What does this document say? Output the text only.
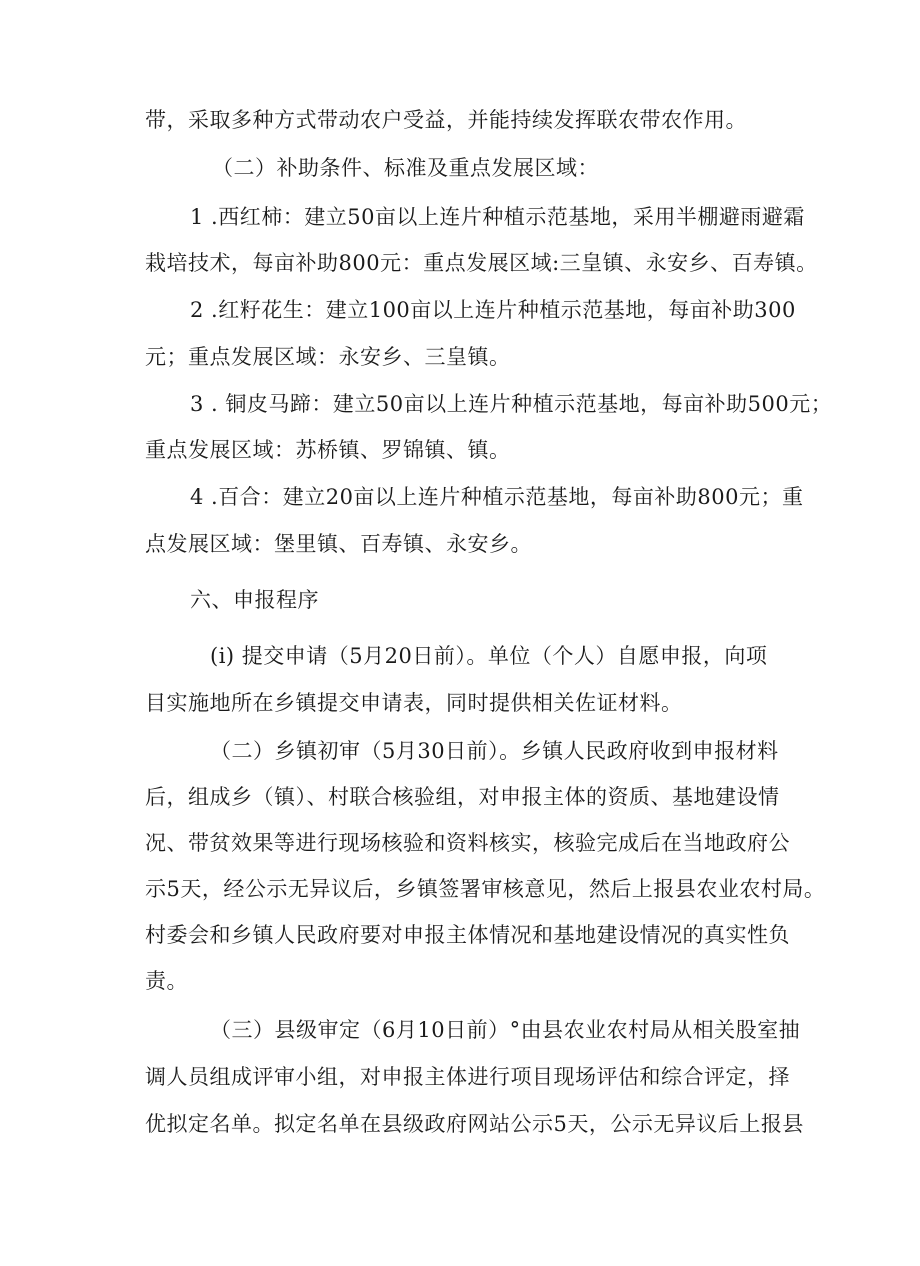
带，采取多种方式带动农户受益，并能持续发挥联农带农作用。
（二）补助条件、标准及重点发展区域：
1 .西红柿：建立50亩以上连片种植示范基地，采用半棚避雨避霜
栽培技术，每亩补助800元：重点发展区域:三皇镇、永安乡、百寿镇。
2 .红籽花生：建立100亩以上连片种植示范基地，每亩补助300
元；重点发展区域：永安乡、三皇镇。
3 . 铜皮马蹄：建立50亩以上连片种植示范基地，每亩补助500元；
重点发展区域：苏桥镇、罗锦镇、镇。
4 .百合：建立20亩以上连片种植示范基地，每亩补助800元；重
点发展区域：堡里镇、百寿镇、永安乡。
六、申报程序
(i) 提交申请（5月20日前）。单位（个人）自愿申报，向项
目实施地所在乡镇提交申请表，同时提供相关佐证材料。
（二）乡镇初审（5月30日前）。乡镇人民政府收到申报材料
后，组成乡（镇）、村联合核验组，对申报主体的资质、基地建设情
况、带贫效果等进行现场核验和资料核实，核验完成后在当地政府公
示5天，经公示无异议后，乡镇签署审核意见，然后上报县农业农村局。
村委会和乡镇人民政府要对申报主体情况和基地建设情况的真实性负
责。
（三）县级审定（6月10日前）°由县农业农村局从相关股室抽
调人员组成评审小组，对申报主体进行项目现场评估和综合评定，择
优拟定名单。拟定名单在县级政府网站公示5天，公示无异议后上报县
